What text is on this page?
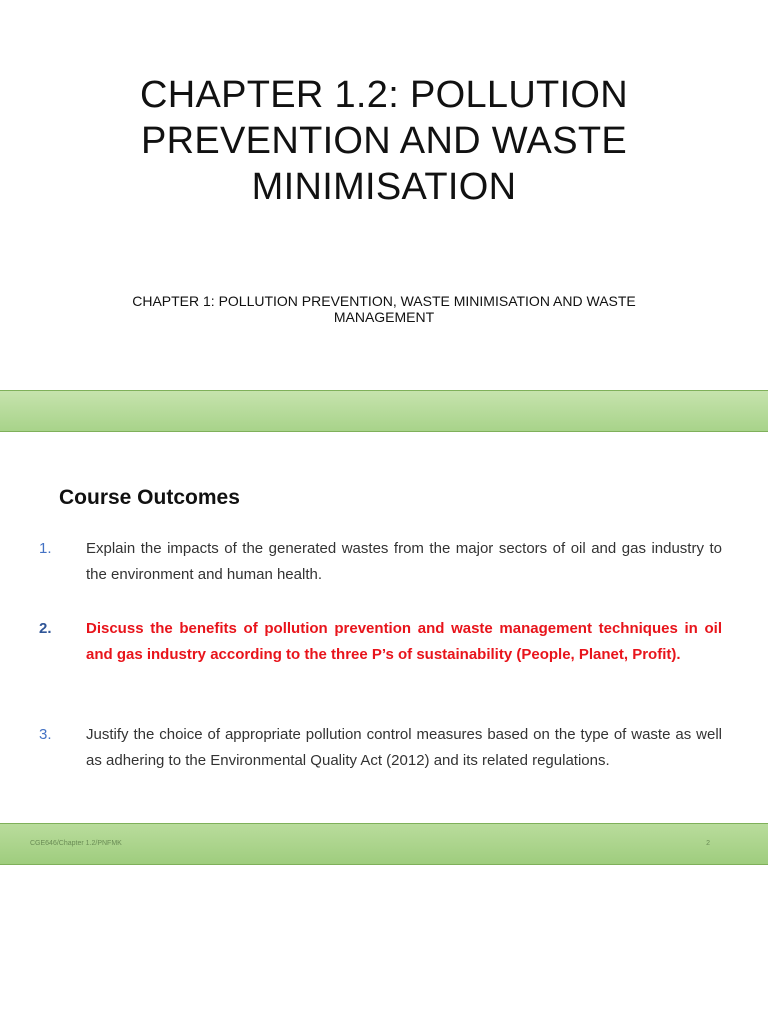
CHAPTER 1.2: POLLUTION
PREVENTION AND WASTE
MINIMISATION

CHAPTER 1: POLLUTION PREVENTION, WASTE MINIMISATION AND WASTE
MANAGEMENT

Course Outcomes
1. Explain the impacts of the generated wastes from the major sectors of oil and gas industry to the environment and human health.
2. Discuss the benefits of pollution prevention and waste management techniques in oil and gas industry according to the three P’s of sustainability (People, Planet, Profit).
3. Justify the choice of appropriate pollution control measures based on the type of waste as well as adhering to the Environmental Quality Act (2012) and its related regulations.
CGE646/Chapter 1.2/PNFMK	2
